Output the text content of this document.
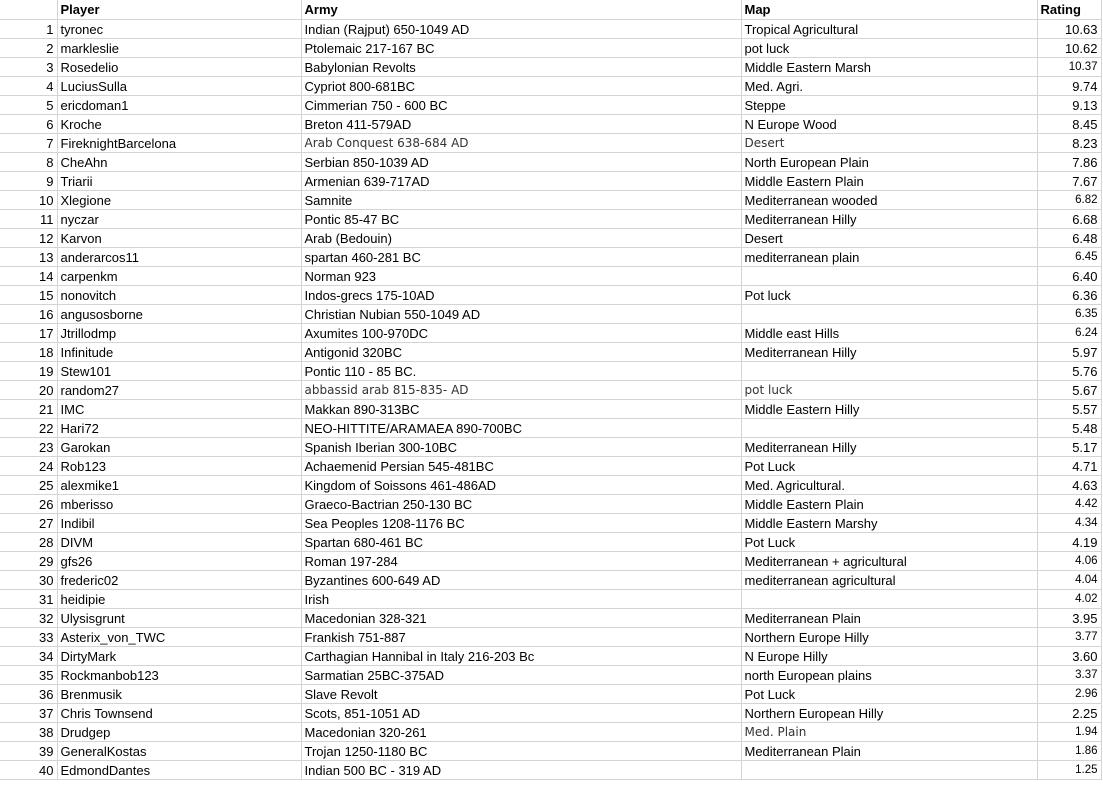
	Player	Army	Map	Rating
1	tyronec	Indian (Rajput) 650-1049 AD	Tropical Agricultural	10.63
2	markleslie	Ptolemaic 217-167 BC	pot luck	10.62
3	Rosedelio	Babylonian Revolts	Middle Eastern Marsh	10.37
4	LuciusSulla	Cypriot 800-681BC	Med. Agri.	9.74
5	ericdoman1	Cimmerian 750 - 600 BC	Steppe	9.13
6	Kroche	Breton 411-579AD	N Europe Wood	8.45
7	FireknightBarcelona	Arab Conquest 638-684 AD	Desert	8.23
8	CheAhn	Serbian 850-1039 AD	North European Plain	7.86
9	Triarii	Armenian 639-717AD	Middle Eastern Plain	7.67
10	Xlegione	Samnite	Mediterranean wooded	6.82
11	nyczar	Pontic 85-47 BC	Mediterranean Hilly	6.68
12	Karvon	Arab (Bedouin)	Desert	6.48
13	anderarcos11	spartan 460-281 BC	mediterranean plain	6.45
14	carpenkm	Norman 923		6.40
15	nonovitch	Indos-grecs 175-10AD	Pot luck	6.36
16	angusosborne	Christian Nubian 550-1049 AD		6.35
17	Jtrillodmp	Axumites 100-970DC	Middle east Hills	6.24
18	Infinitude	Antigonid 320BC	Mediterranean Hilly	5.97
19	Stew101	Pontic 110 - 85 BC.		5.76
20	random27	abbassid arab 815-835- AD	pot luck	5.67
21	IMC	Makkan 890-313BC	Middle Eastern Hilly	5.57
22	Hari72	NEO-HITTITE/ARAMAEA 890-700BC		5.48
23	Garokan	Spanish Iberian 300-10BC	Mediterranean Hilly	5.17
24	Rob123	Achaemenid Persian 545-481BC	Pot Luck	4.71
25	alexmike1	Kingdom of Soissons 461-486AD	Med. Agricultural.	4.63
26	mberisso	Graeco-Bactrian 250-130 BC	Middle Eastern Plain	4.42
27	Indibil	Sea Peoples 1208-1176 BC	Middle Eastern Marshy	4.34
28	DIVM	Spartan 680-461 BC	Pot Luck	4.19
29	gfs26	Roman 197-284	Mediterranean + agricultural	4.06
30	frederic02	Byzantines 600-649 AD	mediterranean agricultural	4.04
31	heidipie	Irish		4.02
32	Ulysisgrunt	Macedonian 328-321	Mediterranean Plain	3.95
33	Asterix_von_TWC	Frankish 751-887	Northern Europe Hilly	3.77
34	DirtyMark	Carthagian Hannibal in Italy 216-203 Bc	N Europe Hilly	3.60
35	Rockmanbob123	Sarmatian 25BC-375AD	north European plains	3.37
36	Brenmusik	Slave Revolt	Pot Luck	2.96
37	Chris Townsend	Scots, 851-1051 AD	Northern European Hilly	2.25
38	Drudgep	Macedonian 320-261	Med. Plain	1.94
39	GeneralKostas	Trojan 1250-1180 BC	Mediterranean Plain	1.86
40	EdmondDantes	Indian 500 BC - 319 AD		1.25
